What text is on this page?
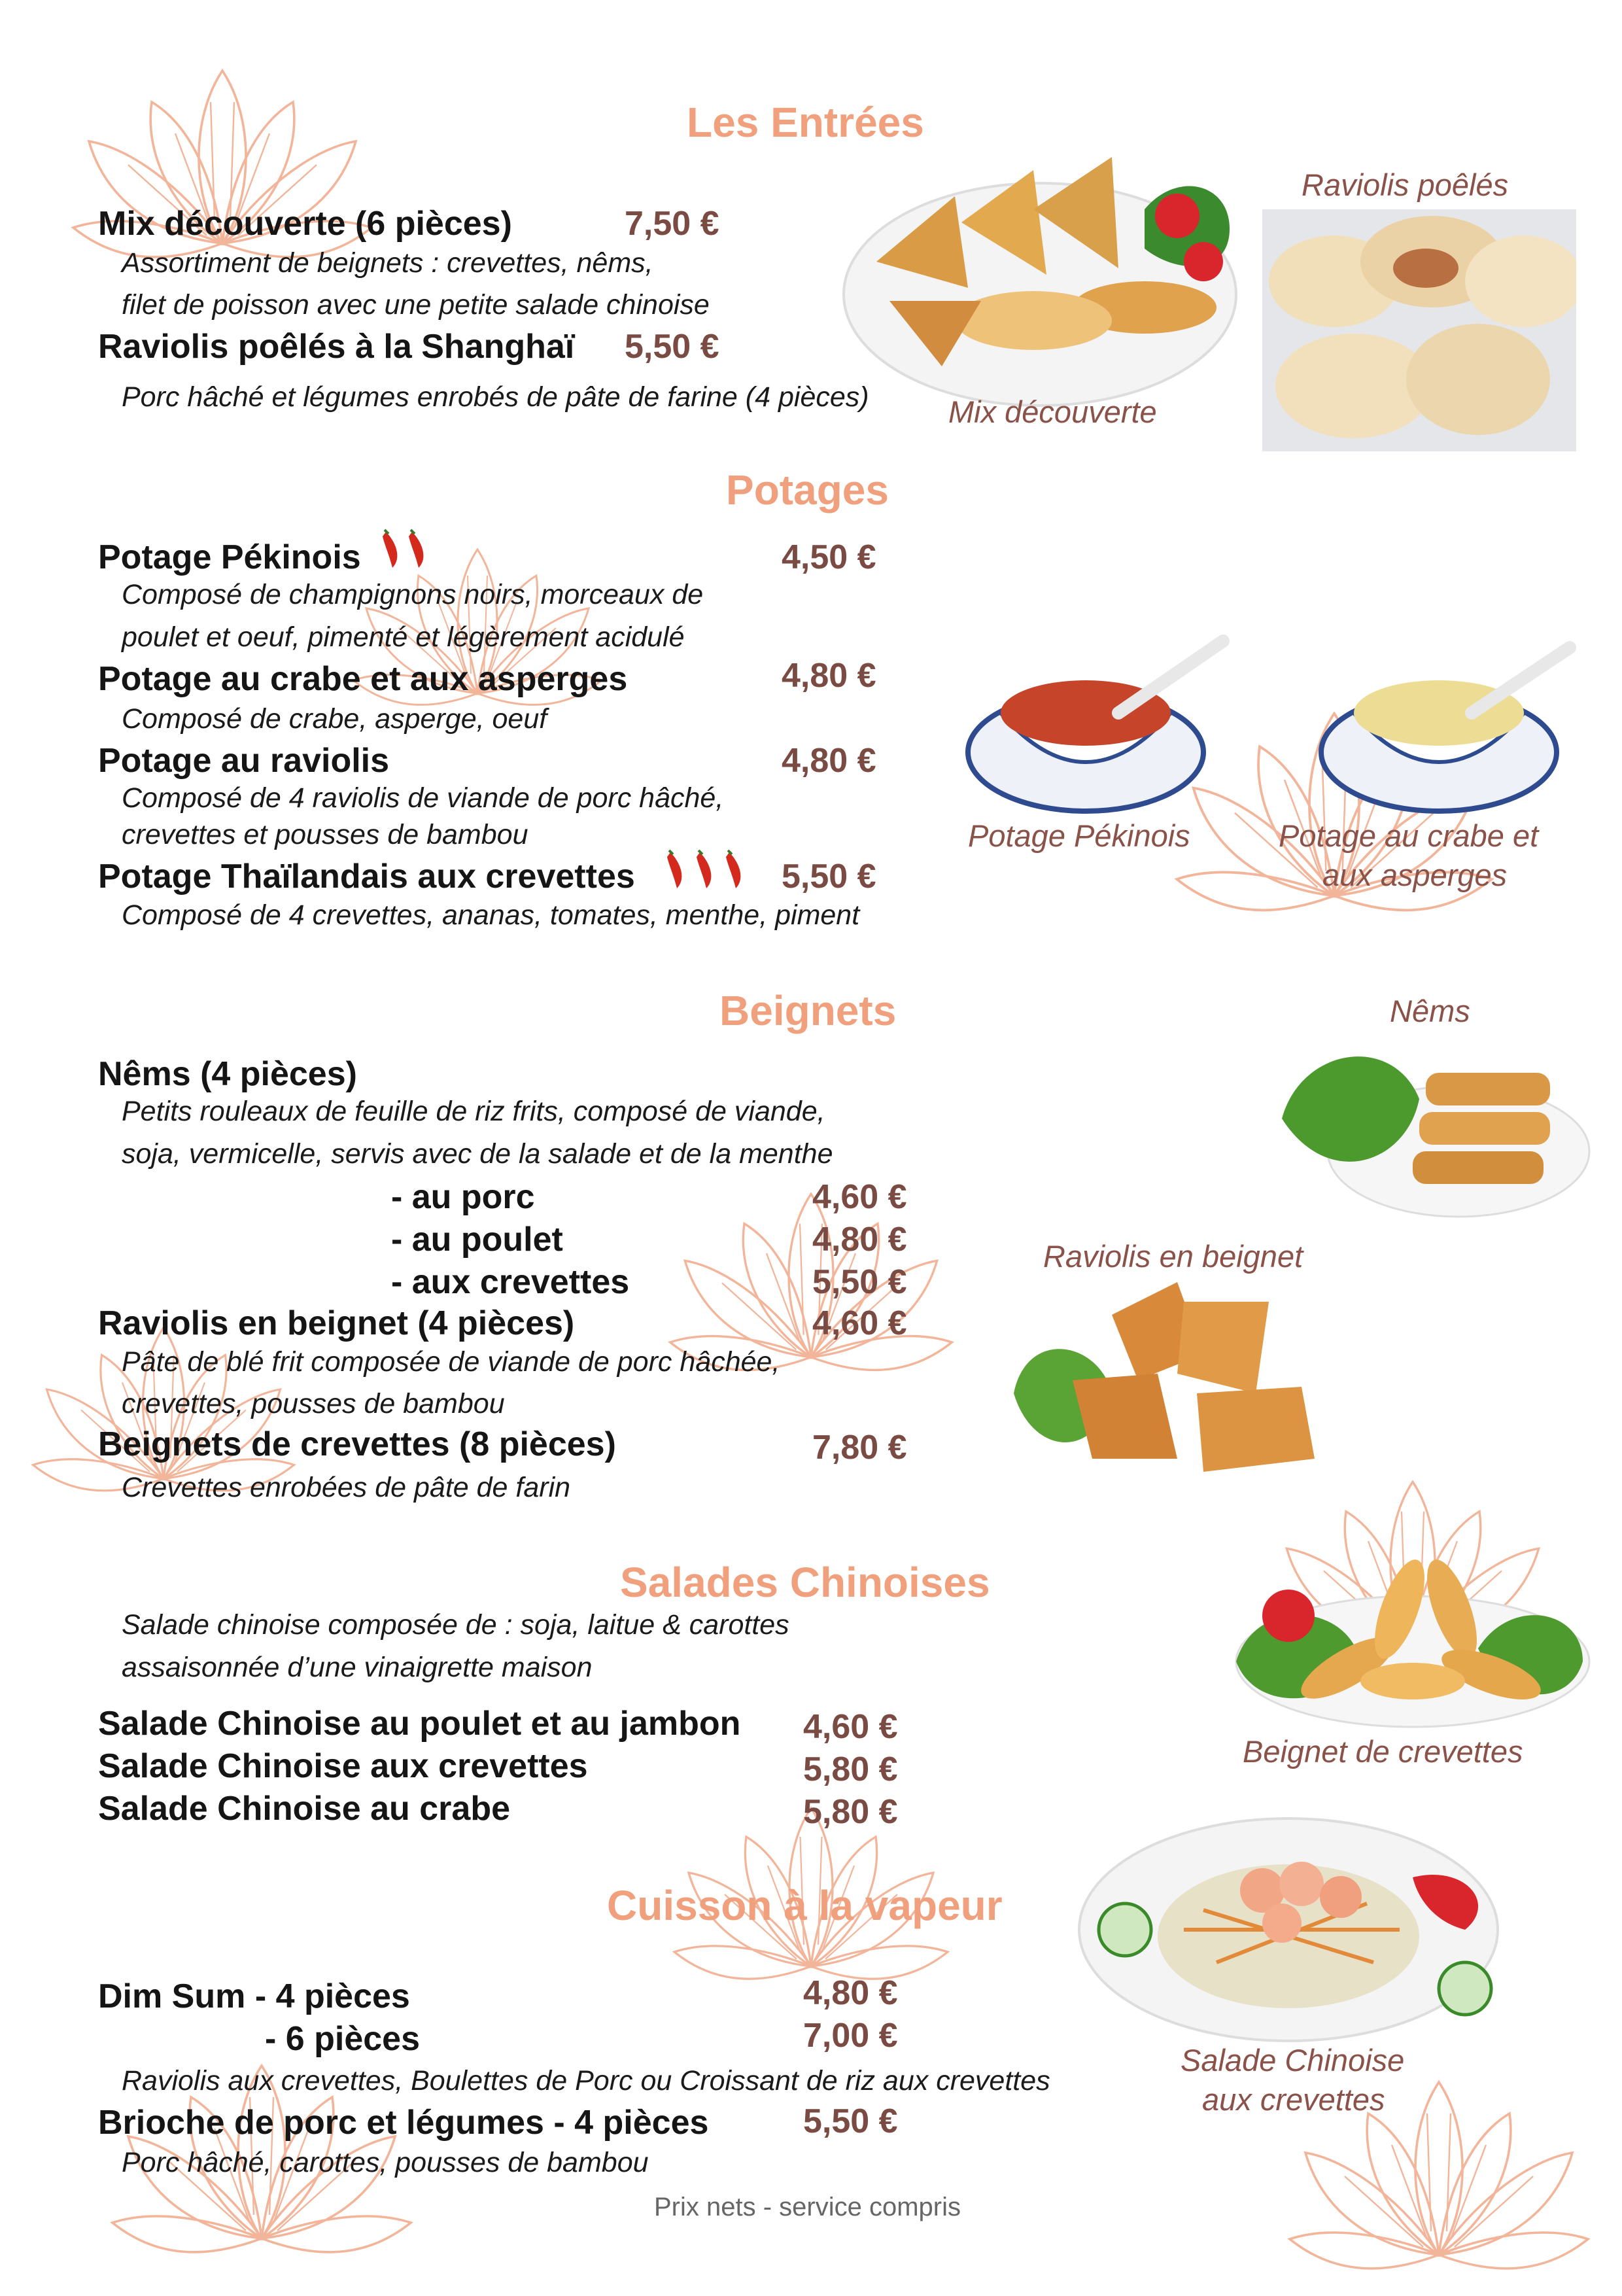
Les Entrées
Mix découverte (6 pièces)	7,50 €
Assortiment de beignets : crevettes, nêms,
filet de poisson avec une petite salade chinoise
Raviolis poêlés à la Shanghaï 5,50 €
Porc hâché et légumes enrobés de pâte de farine (4 pièces)
Raviolis poêlés
Mix découverte
Potages
Potage Pékinois	4,50 €
Composé de champignons noirs, morceaux de
poulet et oeuf, pimenté et légèrement acidulé
Potage au crabe et aux asperges	4,80 €
Composé de crabe, asperge, oeuf
Potage au raviolis	4,80 €
Composé de 4 raviolis de viande de porc hâché,
crevettes et pousses de bambou
Potage Thaïlandais aux crevettes	5,50 €
Composé de 4 crevettes, ananas, tomates, menthe, piment
Potage Pékinois	Potage au crabe et
aux asperges
Beignets
Nêms (4 pièces)
Petits rouleaux de feuille de riz frits, composé de viande,
soja, vermicelle, servis avec de la salade et de la menthe
- au porc	4,60 €
- au poulet	4,80 €
- aux crevettes	5,50 €
Raviolis en beignet (4 pièces)	4,60 €
Pâte de blé frit composée de viande de porc hâchée,
crevettes, pousses de bambou
Beignets de crevettes (8 pièces)	7,80 €
Crevettes enrobées de pâte de farin
Nêms
Raviolis en beignet
Salades Chinoises
Salade chinoise composée de : soja, laitue & carottes
assaisonnée d’une vinaigrette maison
Salade Chinoise au poulet et au jambon 4,60 €
Salade Chinoise aux crevettes	5,80 €
Salade Chinoise au crabe	5,80 €
Beignet de crevettes
Salade Chinoise
aux crevettes
Cuisson à la vapeur
Dim Sum - 4 pièces	4,80 €
- 6 pièces	7,00 €
Raviolis aux crevettes, Boulettes de Porc ou Croissant de riz aux crevettes
Brioche de porc et légumes - 4 pièces	5,50 €
Porc hâché, carottes, pousses de bambou
Prix nets - service compris
